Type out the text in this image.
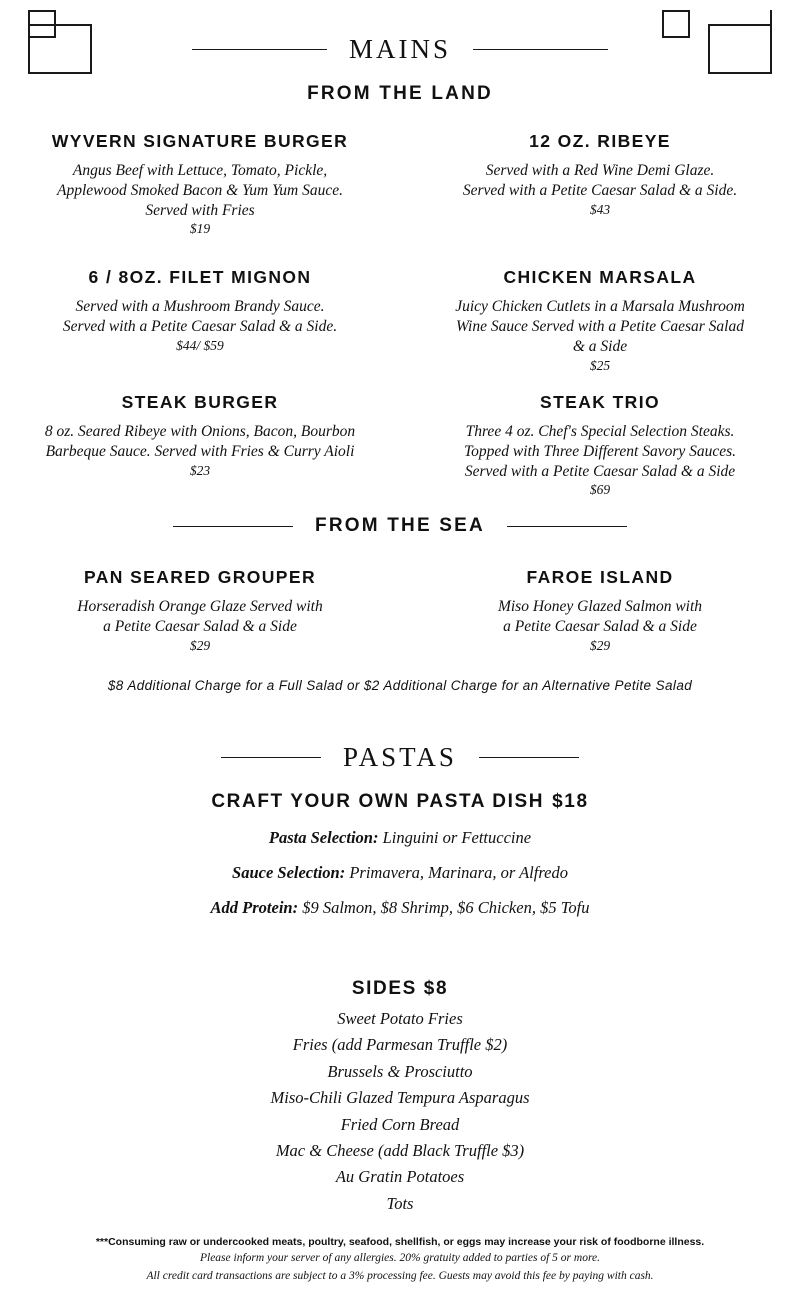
MAINS
FROM THE LAND
WYVERN SIGNATURE BURGER
Angus Beef with Lettuce, Tomato, Pickle,
Applewood Smoked Bacon & Yum Yum Sauce.
Served with Fries
$19
12 OZ. RIBEYE
Served with a Red Wine Demi Glaze.
Served with a Petite Caesar Salad & a Side.
$43
6 / 8OZ. FILET MIGNON
Served with a Mushroom Brandy Sauce.
Served with a Petite Caesar Salad & a Side.
$44/ $59
CHICKEN MARSALA
Juicy Chicken Cutlets in a Marsala Mushroom
Wine Sauce Served with a Petite Caesar Salad
& a Side
$25
STEAK BURGER
8 oz. Seared Ribeye with Onions, Bacon, Bourbon
Barbeque Sauce. Served with Fries & Curry Aioli
$23
STEAK TRIO
Three 4 oz. Chef's Special Selection Steaks.
Topped with Three Different Savory Sauces.
Served with a Petite Caesar Salad & a Side
$69
FROM THE SEA
PAN SEARED GROUPER
Horseradish Orange Glaze Served with
a Petite Caesar Salad & a Side
$29
FAROE ISLAND
Miso Honey Glazed Salmon with
a Petite Caesar Salad & a Side
$29
$8 Additional Charge for a Full Salad or $2 Additional Charge for an Alternative Petite Salad
PASTAS
CRAFT YOUR OWN PASTA DISH $18
Pasta Selection: Linguini or Fettuccine
Sauce Selection: Primavera, Marinara, or Alfredo
Add Protein: $9 Salmon, $8 Shrimp, $6 Chicken, $5 Tofu
SIDES $8
Sweet Potato Fries
Fries (add Parmesan Truffle $2)
Brussels & Prosciutto
Miso-Chili Glazed Tempura Asparagus
Fried Corn Bread
Mac & Cheese (add Black Truffle $3)
Au Gratin Potatoes
Tots
***Consuming raw or undercooked meats, poultry, seafood, shellfish, or eggs may increase your risk of foodborne illness.
Please inform your server of any allergies. 20% gratuity added to parties of 5 or more.
All credit card transactions are subject to a 3% processing fee. Guests may avoid this fee by paying with cash.
